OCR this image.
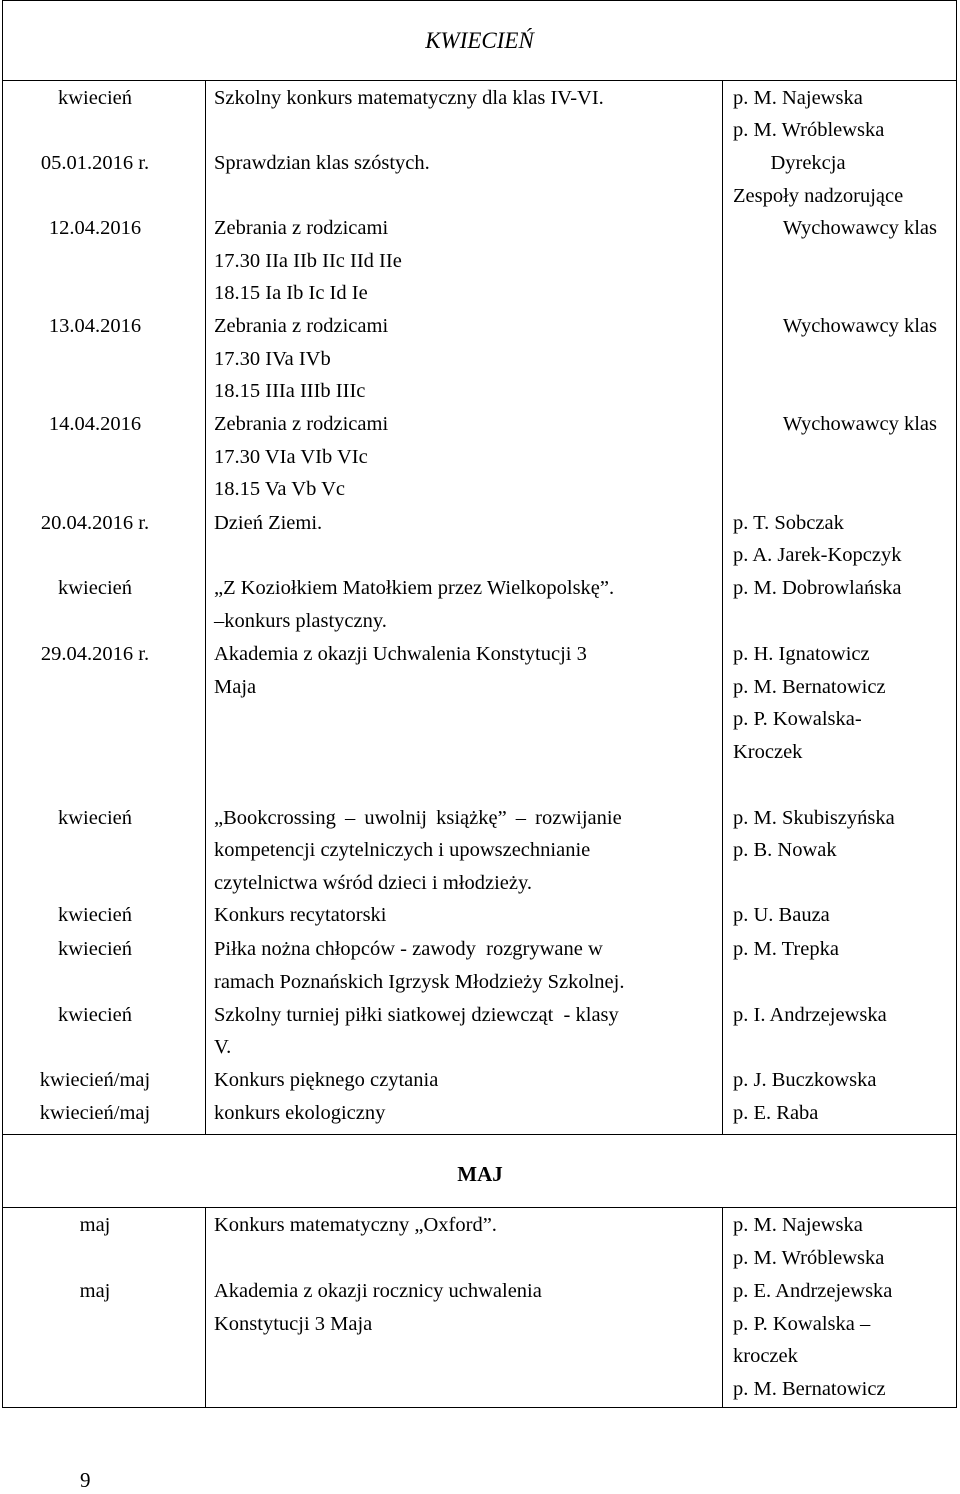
KWIECIEŃ
kwiecień	Szkolny konkurs matematyczny dla klas IV-VI.	p. M. Najewska
p. M. Wróblewska
05.01.2016 r.	Sprawdzian klas szóstych.	Dyrekcja
Zespoły nadzorujące
12.04.2016	Zebrania z rodzicami
17.30 IIa IIb IIc IId IIe
18.15 Ia Ib Ic Id Ie
Wychowawcy klas
13.04.2016	Zebrania z rodzicami
17.30 IVa IVb
18.15 IIIa IIIb IIIc
Wychowawcy klas
14.04.2016	Zebrania z rodzicami
17.30 VIa VIb VIc
18.15 Va Vb Vc
Wychowawcy klas
20.04.2016 r.	Dzień Ziemi.	p. T. Sobczak
p. A. Jarek-Kopczyk
kwiecień	„Z Koziołkiem Matołkiem przez Wielkopolskę”.
–konkurs plastyczny.
p. M. Dobrowlańska
29.04.2016 r.	Akademia z okazji Uchwalenia Konstytucji 3
Maja
p. H. Ignatowicz
p. M. Bernatowicz
p. P. Kowalska-
Kroczek
kwiecień	„Bookcrossing – uwolnij książkę” – rozwijanie
kompetencji czytelniczych i upowszechnianie
czytelnictwa wśród dzieci i młodzieży.
p. M. Skubiszyńska
p. B. Nowak
kwiecień	Konkurs recytatorski	p. U. Bauza
kwiecień	Piłka nożna chłopców - zawody  rozgrywane w
ramach Poznańskich Igrzysk Młodzieży Szkolnej.
p. M. Trepka
kwiecień	Szkolny turniej piłki siatkowej dziewcząt  - klasy
V.
p. I. Andrzejewska
kwiecień/maj	Konkurs pięknego czytania	p. J. Buczkowska
kwiecień/maj	konkurs ekologiczny	p. E. Raba
MAJ
maj	Konkurs matematyczny „Oxford”.	p. M. Najewska
p. M. Wróblewska
maj	Akademia z okazji rocznicy uchwalenia
Konstytucji 3 Maja
p. E. Andrzejewska
p. P. Kowalska –
kroczek
p. M. Bernatowicz
9
